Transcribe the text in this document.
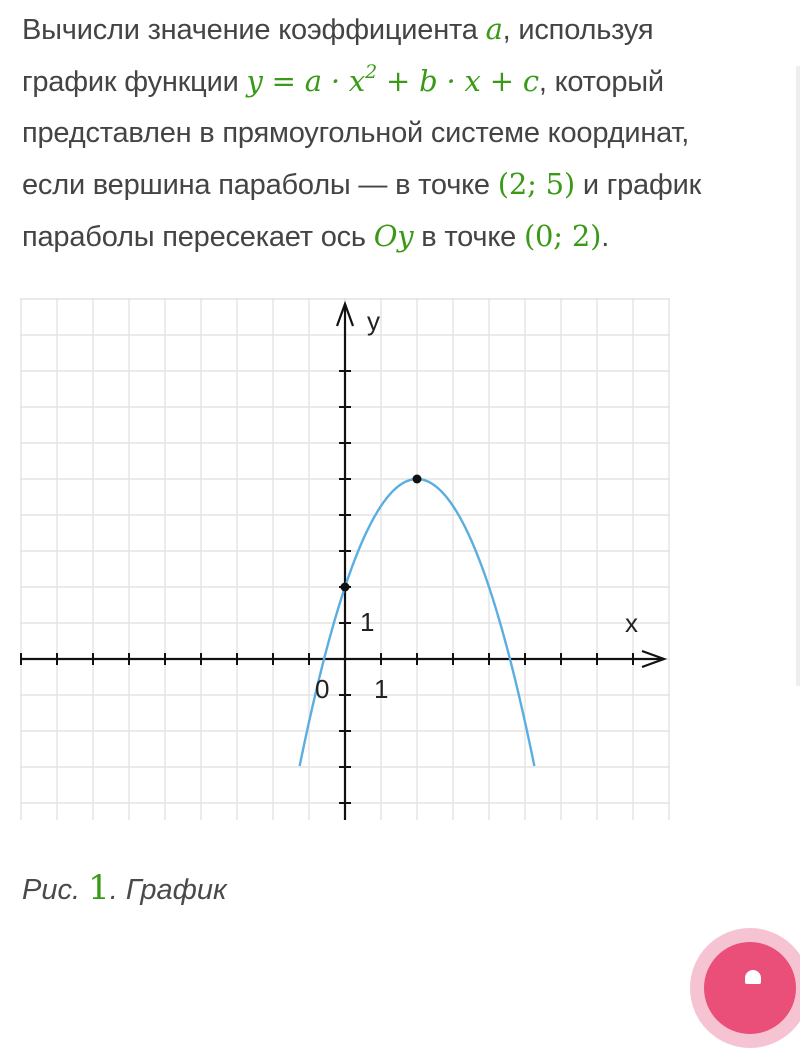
Вычисли значение коэффициента a, используя
график функции $y = a \cdot x^2 + b \cdot x + c$, который
представлен в прямоугольной системе координат,
если вершина параболы — в точке (2; 5) и график
параболы пересекает ось Oy в точке (0; 2).
y
x
0 1
1
Рис. 1. График
